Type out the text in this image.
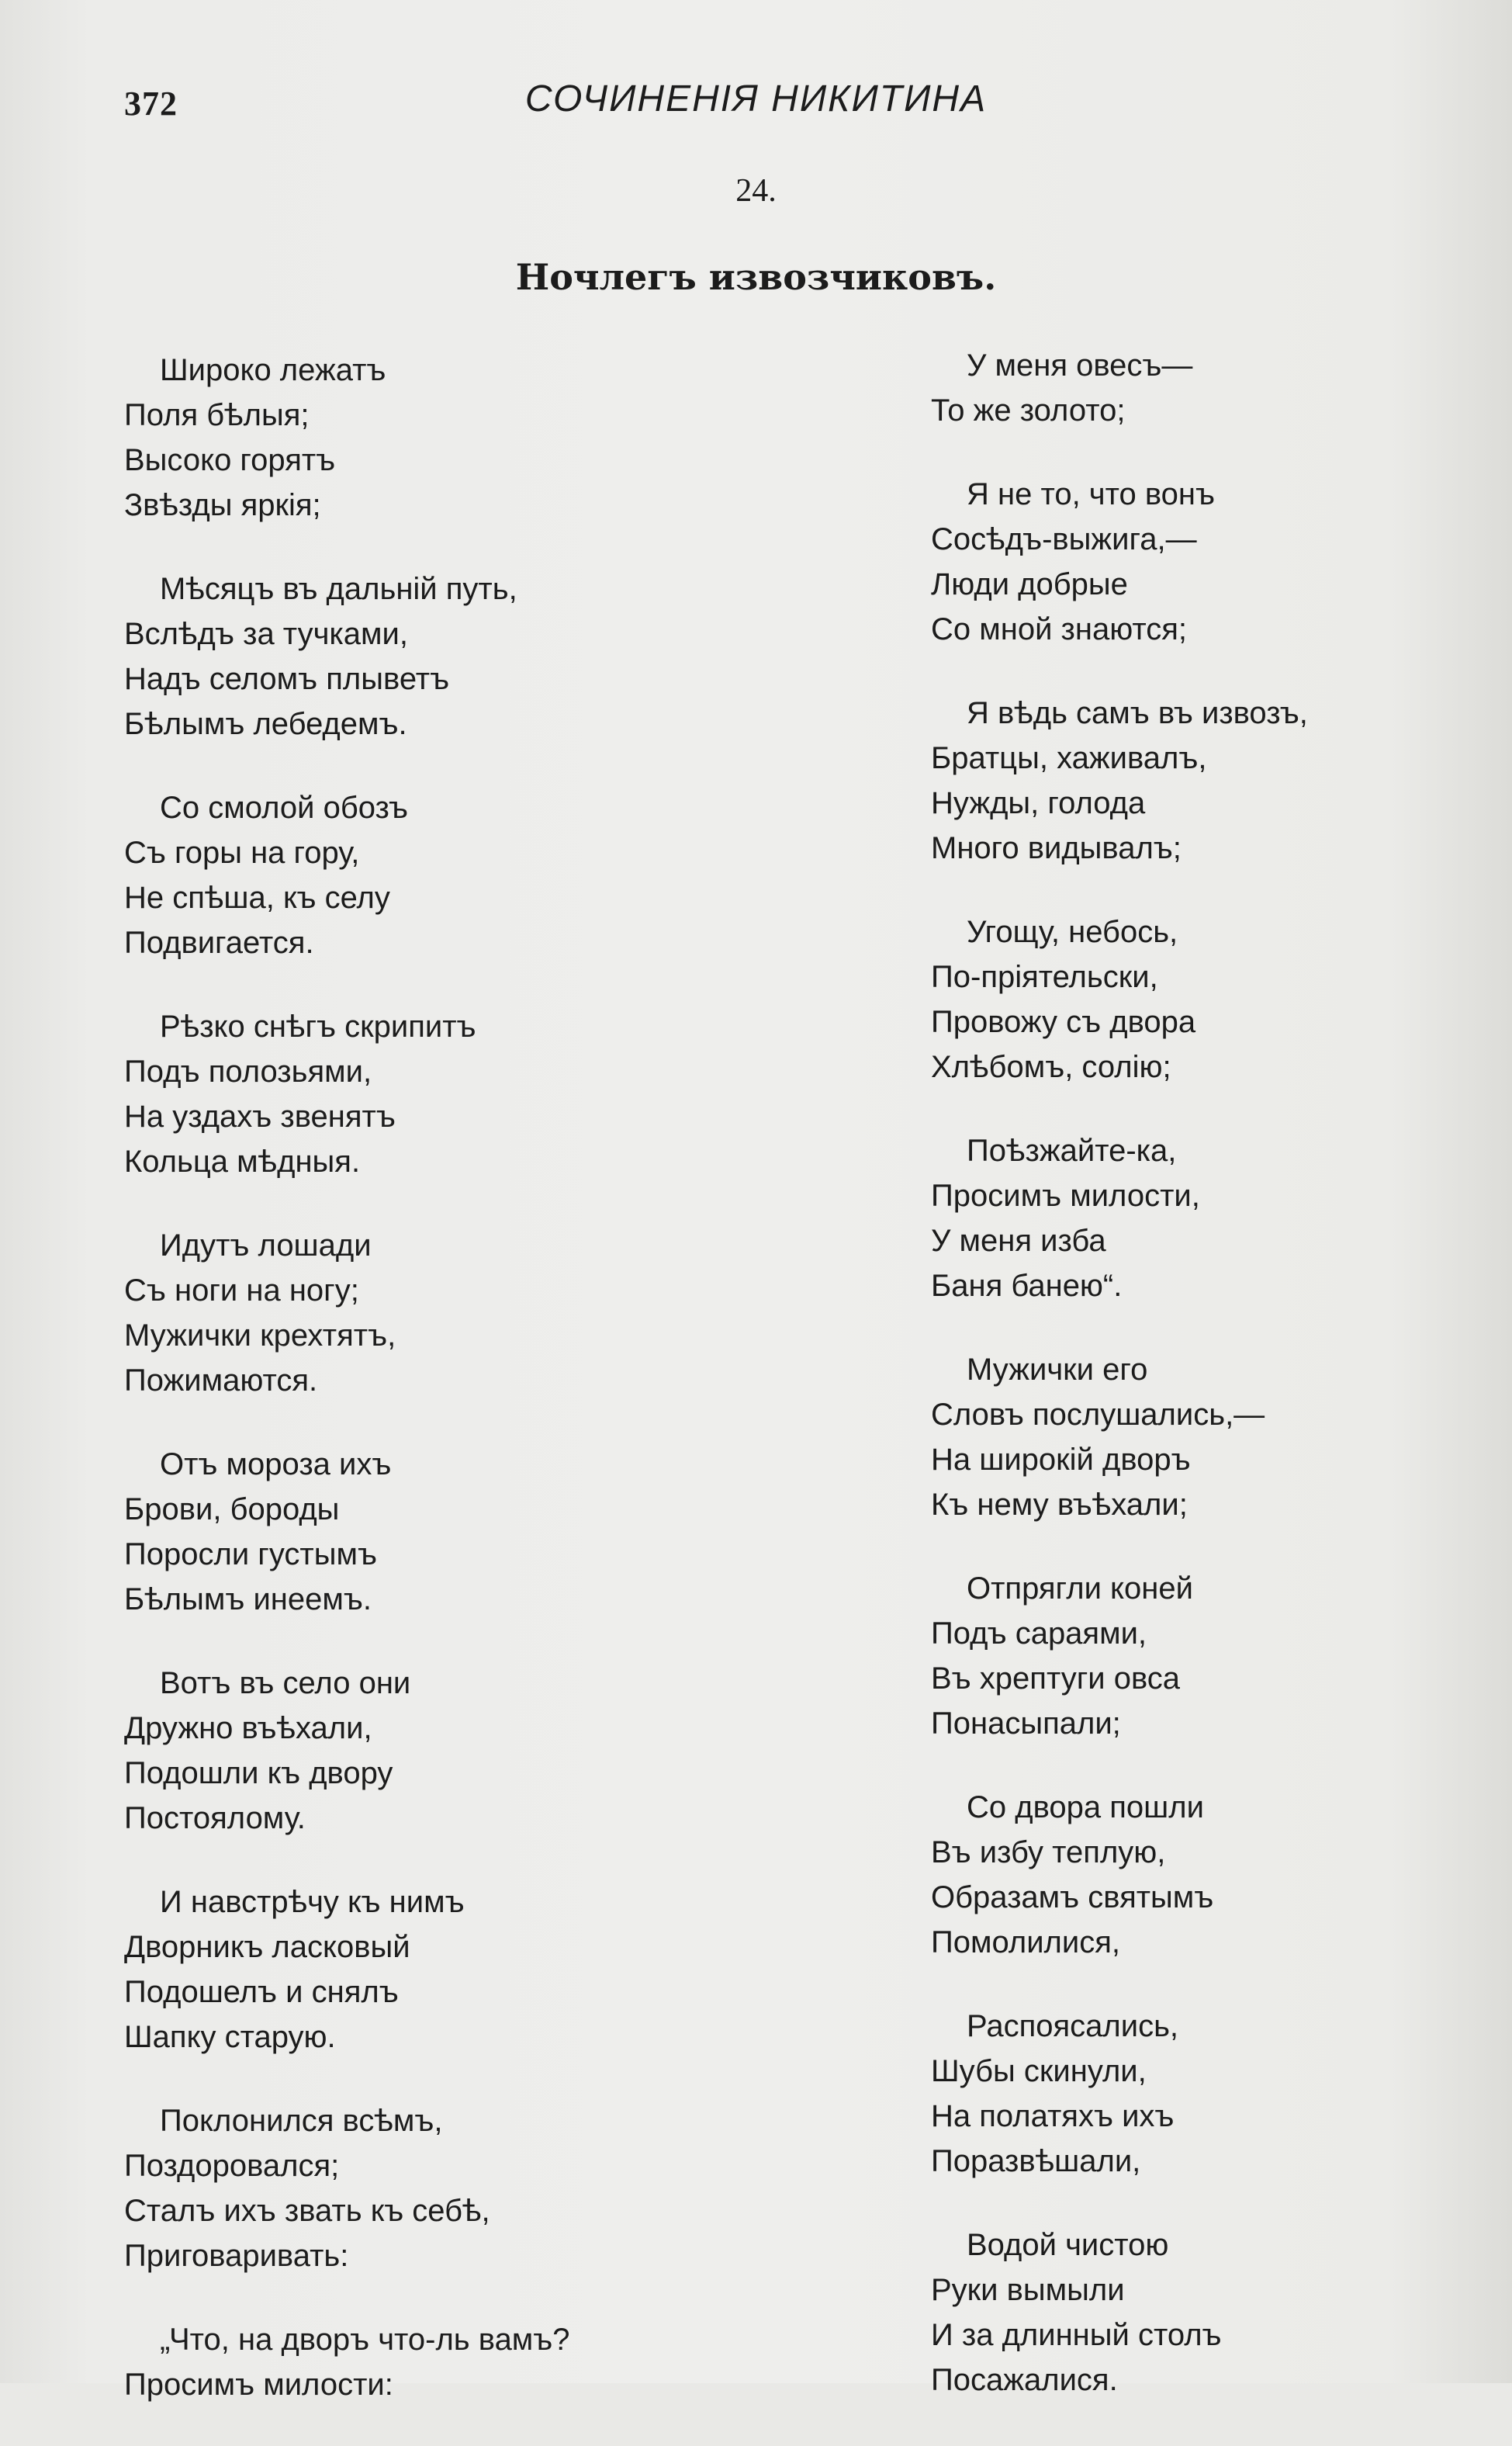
372	СОЧИНЕНІЯ НИКИТИНА
24.
Ночлегъ извозчиковъ.
Широко лежатъ
Поля бѣлыя;
Высоко горятъ
Звѣзды яркія;
Мѣсяцъ въ дальній путь,
Вслѣдъ за тучками,
Надъ селомъ плыветъ
Бѣлымъ лебедемъ.
Со смолой обозъ
Съ горы на гору,
Не спѣша, къ селу
Подвигается.
Рѣзко снѣгъ скрипитъ
Подъ полозьями,
На уздахъ звенятъ
Кольца мѣдныя.
Идутъ лошади
Съ ноги на ногу;
Мужички крехтятъ,
Пожимаются.
Отъ мороза ихъ
Брови, бороды
Поросли густымъ
Бѣлымъ инеемъ.
Вотъ въ село они
Дружно въѣхали,
Подошли къ двору
Постоялому.
И навстрѣчу къ нимъ
Дворникъ ласковый
Подошелъ и снялъ
Шапку старую.
Поклонился всѣмъ,
Поздоровался;
Сталъ ихъ звать къ себѣ,
Приговаривать:
„Что, на дворъ что-ль вамъ?
Просимъ милости:
У меня овесъ—
То же золото;
Я не то, что вонъ
Сосѣдъ-выжига,—
Люди добрые
Со мной знаются;
Я вѣдь самъ въ извозъ,
Братцы, хаживалъ,
Нужды, голода
Много видывалъ;
Угощу, небось,
По-пріятельски,
Провожу съ двора
Хлѣбомъ, солію;
Поѣзжайте-ка,
Просимъ милости,
У меня изба
Баня банею“.
Мужички его
Словъ послушались,—
На широкій дворъ
Къ нему въѣхали;
Отпрягли коней
Подъ сараями,
Въ хрептуги овса
Понасыпали;
Со двора пошли
Въ избу теплую,
Образамъ святымъ
Помолилися,
Распоясались,
Шубы скинули,
На полатяхъ ихъ
Поразвѣшали,
Водой чистою
Руки вымыли
И за длинный столъ
Посажалися.
